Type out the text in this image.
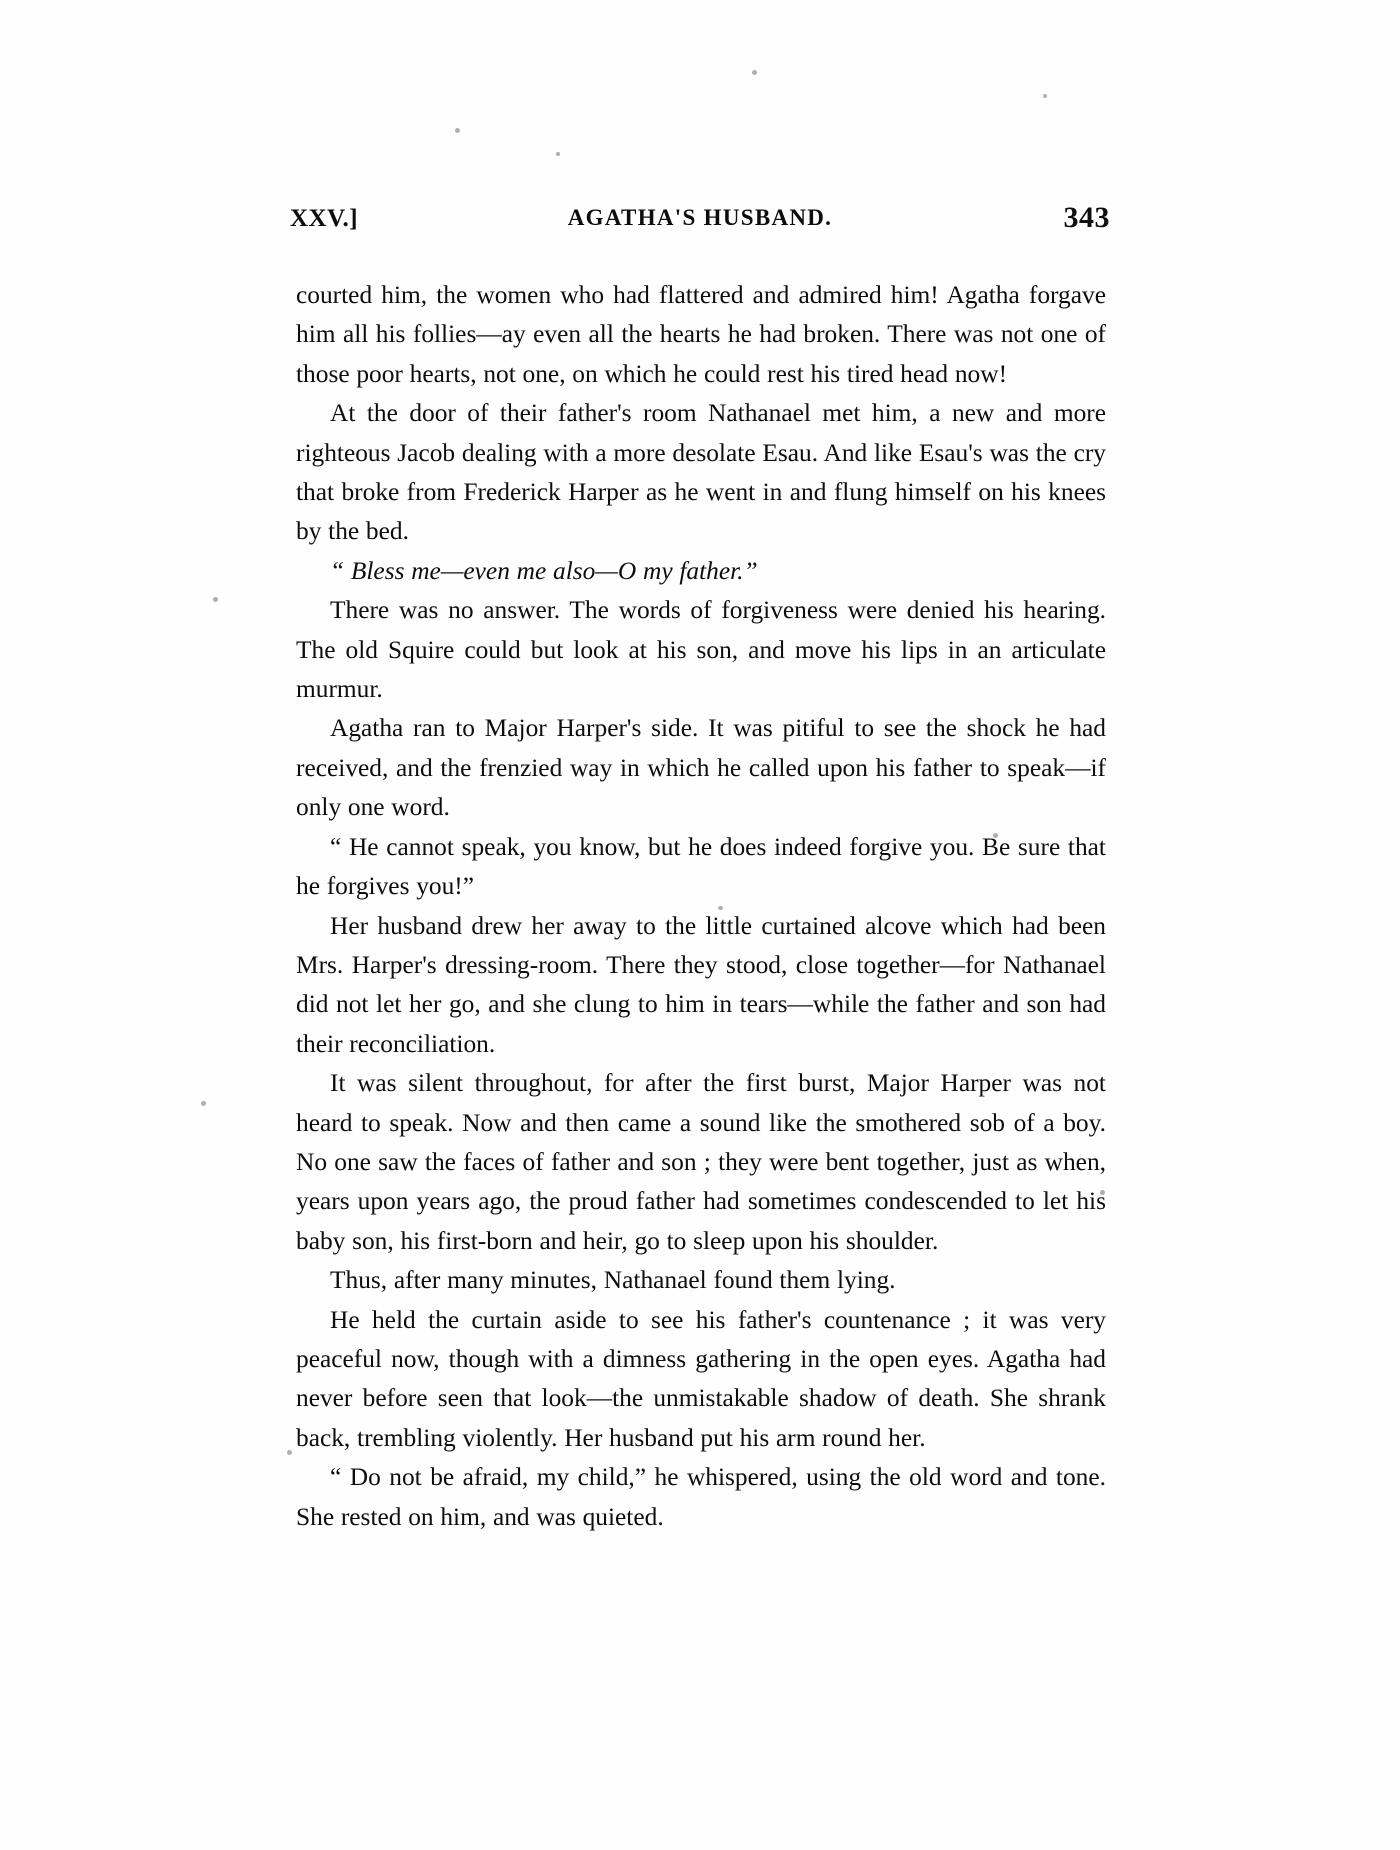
XXV.]	AGATHA'S HUSBAND.	343

courted him, the women who had flattered and admired him! Agatha forgave him all his follies—ay even all the hearts he had broken. There was not one of those poor hearts, not one, on which he could rest his tired head now!

At the door of their father's room Nathanael met him, a new and more righteous Jacob dealing with a more desolate Esau. And like Esau's was the cry that broke from Frederick Harper as he went in and flung himself on his knees by the bed.

“ Bless me—even me also—O my father.”

There was no answer. The words of forgiveness were denied his hearing. The old Squire could but look at his son, and move his lips in an articulate murmur.

Agatha ran to Major Harper's side. It was pitiful to see the shock he had received, and the frenzied way in which he called upon his father to speak—if only one word.

“ He cannot speak, you know, but he does indeed forgive you. Be sure that he forgives you!”

Her husband drew her away to the little curtained alcove which had been Mrs. Harper's dressing-room. There they stood, close together—for Nathanael did not let her go, and she clung to him in tears—while the father and son had their reconciliation.

It was silent throughout, for after the first burst, Major Harper was not heard to speak. Now and then came a sound like the smothered sob of a boy. No one saw the faces of father and son ; they were bent together, just as when, years upon years ago, the proud father had sometimes condescended to let his baby son, his first-born and heir, go to sleep upon his shoulder.

Thus, after many minutes, Nathanael found them lying.

He held the curtain aside to see his father's countenance ; it was very peaceful now, though with a dimness gathering in the open eyes. Agatha had never before seen that look—the unmistakable shadow of death. She shrank back, trembling violently. Her husband put his arm round her.

“ Do not be afraid, my child,” he whispered, using the old word and tone. She rested on him, and was quieted.
